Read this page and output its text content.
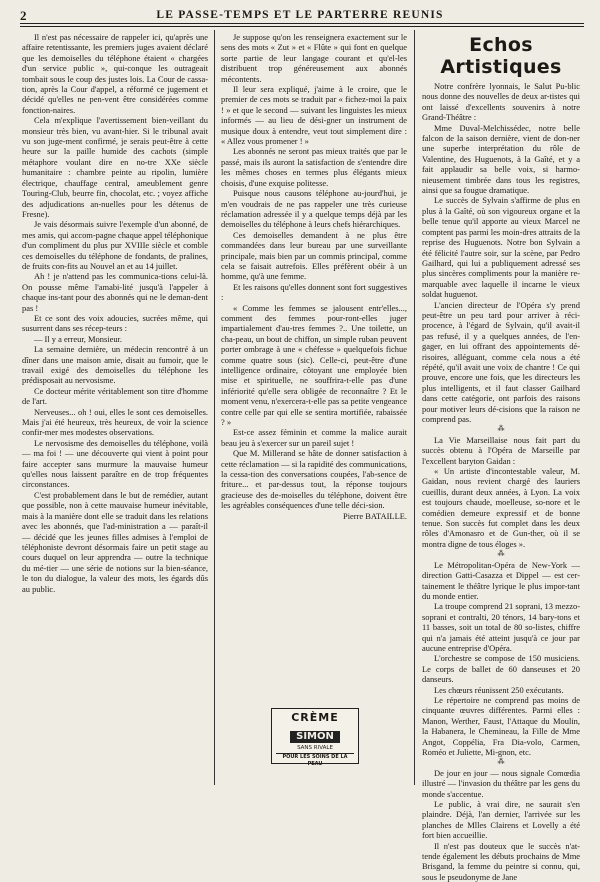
2	LE PASSE-TEMPS ET LE PARTERRE REUNIS

Il n'est pas nécessaire de rappeler ici, qu'après une affaire retentissante, les premiers juges avaient déclaré que les demoiselles du téléphone étaient « chargées d'un service public », qui-conque les outrageait tombait sous le coup des justes lois. La Cour de cassa-tion, après la Cour d'appel, a réformé ce jugement et décidé qu'elles ne pen-vent être considérées comme fonction-naires.

Cela m'explique l'avertissement bien-veillant du monsieur très bien, vu avant-hier. Si le tribunal avait vu son juge-ment confirmé, je serais peut-être à cette heure sur la paille humide des cachots (simple métaphore voulant dire en no-tre XXe siècle humanitaire : chambre peinte au ripolin, lumière électrique, chauffage central, ameublement genre Touring-Club, beurre fin, chocolat, etc. ; voyez affiche des adjudications an-nuelles pour les détenus de Fresne).

Je vais désormais suivre l'exemple d'un abonné, de mes amis, qui accom-pagne chaque appel téléphonique d'un compliment du plus pur XVIIIe siècle et comble ces demoiselles du téléphone de fondants, de pralines, de fruits con-fits au Nouvel an et au 14 juillet.

Ah ! je n'attend pas les communica-tions celui-là. On pousse même l'amabi-lité jusqu'à l'appeler à chaque ins-tant pour des abonnés qui ne le deman-dent pas !

Et ce sont des voix adoucies, sucrées même, qui susurrent dans ses récep-teurs :

— Il y a erreur, Monsieur.

La semaine dernière, un médecin rencontré à un dîner dans une maison amie, disait au fumoir, que le travail exigé des demoiselles du téléphone les prédisposait au nervosisme.

Ce docteur mérite véritablement son titre d'homme de l'art.

Nerveuses... oh ! oui, elles le sont ces demoiselles. Mais j'ai été heureux, très heureux, de voir la science confir-mer mes modestes observations.

Le nervosisme des demoiselles du téléphone, voilà — ma foi ! — une découverte qui vient à point pour faire accepter sans murmure la mauvaise humeur qu'elles nous laissent paraître en de trop fréquentes circonstances.

C'est probablement dans le but de remédier, autant que possible, non à cette mauvaise humeur inévitable, mais à la manière dont elle se traduit dans les relations avec les abonnés, que l'ad-ministration a — paraît-il — décidé que les jeunes filles admises à l'emploi de téléphoniste devront désormais faire un petit stage au cours duquel on leur apprendra — outre la technique du mé-tier — une série de notions sur la bien-séance, le ton du dialogue, la valeur des mots, les égards dûs au public.

Je suppose qu'on les renseignera exactement sur le sens des mots « Zut » et « Flûte » qui font en quelque sorte partie de leur langage courant et qu'el-les distribuent trop généreusement aux abonnés mécontents.

Il leur sera expliqué, j'aime à le croire, que le premier de ces mots se traduit par « fichez-moi la paix ! » et que le second — suivant les linguistes les mieux informés — au lieu de dési-gner un instrument de musique doux à entendre, veut tout simplement dire : « Allez vous promener ! »

Les abonnés ne seront pas mieux traités que par le passé, mais ils auront la satisfaction de s'entendre dire les mêmes choses en termes plus élégants mieux choisis, d'une exquise politesse.

Puisque nous causons téléphone au-jourd'hui, je m'en voudrais de ne pas rappeler une très curieuse réclamation adressée il y a quelque temps déjà par les demoiselles du téléphone à leurs chefs hiérarchiques.

Ces demoiselles demandent à ne plus être commandées dans leur bureau par une surveillante principale, mais bien par un commis principal, comme cela se faisait autrefois. Elles préfèrent obéir à un homme, qu'à une femme.

Et les raisons qu'elles donnent sont fort suggestives :

« Comme les femmes se jalousent entr'elles..., comment des femmes pour-ront-elles juger impartialement d'au-tres femmes ?.. Une toilette, un cha-peau, un bout de chiffon, un simple ruban peuvent porter ombrage à une « chéfesse » quelquefois fichue comme quatre sous (sic). Celle-ci, peut-être d'une intelligence ordinaire, côtoyant une employée bien mise et spirituelle, ne souffrira-t-elle pas d'une infériorité qu'elle sera obligée de reconnaître ? Et le moment venu, n'exercera-t-elle pas sa petite vengeance contre celle par qui elle se sentira mortifiée, rabaissée ? »

Est-ce assez féminin et comme la malice aurait beau jeu à s'exercer sur un pareil sujet !

Que M. Millerand se hâte de donner satisfaction à cette réclamation — si la rapidité des communications, la cessa-tion des conversations coupées, l'ab-sence de friture... et par-dessus tout, la réponse toujours gracieuse des de-moiselles du téléphone, doivent être les agréables conséquences d'une telle déci-sion.

Pierre BATAILLE.

CRÈME
SIMON
SANS RIVALE
POUR LES SOINS DE LA PEAU
Echos Artistiques

Notre confrère lyonnais, le Salut Pu-blic nous donne des nouvelles de deux ar-tistes qui ont laissé d'excellents souvenirs à notre Grand-Théâtre :

Mme Duval-Melchissédec, notre belle falcon de la saison dernière, vient de don-ner une superbe interprétation du rôle de Valentine, des Huguenots, à la Gaîté, et y a fait applaudir sa belle voix, si harmo-nieusement timbrée dans tous les registres, ainsi que sa fougue dramatique.

Le succès de Sylvain s'affirme de plus en plus à la Gaîté, où son vigoureux organe et la belle tenue qu'il apporte au vieux Marcel ne comptent pas parmi les moin-dres attraits de la reprise des Huguenots. Notre bon Sylvain a été félicité l'autre soir, sur la scène, par Pedro Gailhard, qui lui a publiquement adressé ses plus sincères compliments pour la manière re-marquable avec laquelle il incarne le vieux soldat huguenot.

L'ancien directeur de l'Opéra s'y prend peut-être un peu tard pour arriver à réci-procence, à l'égard de Sylvain, qu'il avait-il pas refusé, il y a quelques années, de l'en-gager, en lui offrant des appointements dé-risoires, alléguant, comme cela nous a été répété, qu'il avait une voix de chantre ! Ce qui prouve, encore une fois, que les directeurs les plus intelligents, et il faut classer Gailhard dans cette catégorie, ont parfois des raisons pour motiver leurs dé-cisions que la raison ne comprend pas.

⁂

La Vie Marseillaise nous fait part du succès obtenu à l'Opéra de Marseille par l'excellent baryton Gaidan :

« Un artiste d'incontestable valeur, M. Gaidan, nous revient chargé des lauriers cueillis, durant deux années, à Lyon. La voix est toujours chaude, moelleuse, so-nore et le comédien demeure expressif et de bonne tenue. Son succès fut complet dans les deux rôles d'Amonasro et de Gun-ther, où il se montra digne de tous éloges ».

⁂

Le Métropolitan-Opéra de New-York — direction Gatti-Casazza et Dippel — est cer-tainement le théâtre lyrique le plus impor-tant du monde entier.

La troupe comprend 21 soprani, 13 mezzo-soprani et contralti, 20 ténors, 14 bary-tons et 11 basses, soit un total de 80 so-listes, chiffre qui n'a jamais été atteint jusqu'à ce jour par aucune entreprise d'Opéra.

L'orchestre se compose de 150 musiciens. Le corps de ballet de 60 danseuses et 20 danseurs.

Les chœurs réunissent 250 exécutants.

Le répertoire ne comprend pas moins de cinquante œuvres différentes. Parmi elles : Manon, Werther, Faust, l'Attaque du Moulin, la Habanera, le Chemineau, la Fille de Mme Angot, Coppélia, Fra Dia-volo, Carmen, Roméo et Juliette, Mi-gnon, etc.

⁂

De jour en jour — nous signale Comœdia illustré — l'invasion du théâtre par les gens du monde s'accentue.

Le public, à vrai dire, ne saurait s'en plaindre. Déjà, l'an dernier, l'arrivée sur les planches de Mlles Clairens et Lovelly a été fort bien accueillie.

Il n'est pas douteux que le succès n'at-tende également les débuts prochains de Mme Brisgand, la femme du peintre si connu, qui, sous le pseudonyme de Jane
